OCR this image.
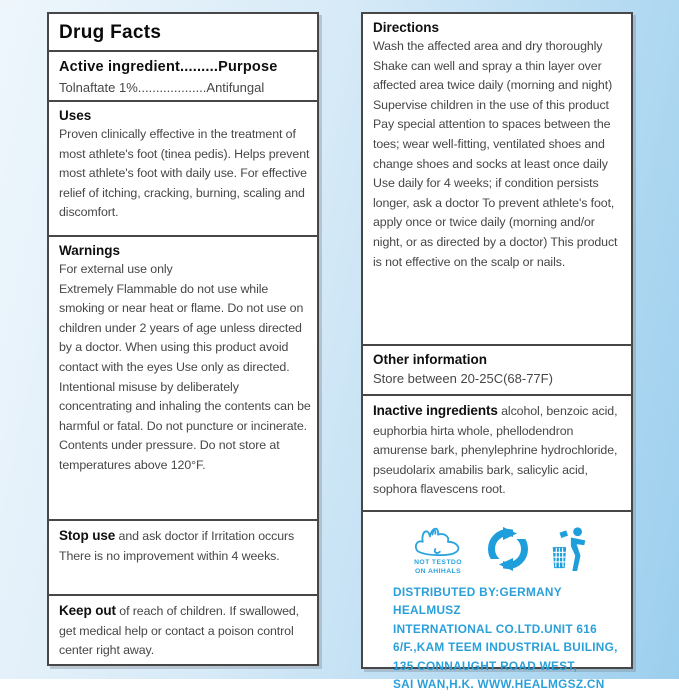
Drug Facts
Active ingredient.........Purpose
Tolnaftate 1%...................Antifungal
Uses
Proven clinically effective in the treatment of most athlete's foot (tinea pedis). Helps prevent most athlete's foot with daily use. For effective relief of itching, cracking, burning, scaling and discomfort.
Warnings
For external use only
Extremely Flammable do not use while smoking or near heat or flame. Do not use on children under 2 years of age unless directed by a doctor. When using this product avoid contact with the eyes Use only as directed. Intentional misuse by deliberately concentrating and inhaling the contents can be harmful or fatal. Do not puncture or incinerate. Contents under pressure. Do not store at temperatures above 120°F.
Stop use and ask doctor if Irritation occurs There is no improvement within 4 weeks.
Keep out of reach of children. If swallowed, get medical help or contact a poison control center right away.
Directions
Wash the affected area and dry thoroughly Shake can well and spray a thin layer over affected area twice daily (morning and night) Supervise children in the use of this product Pay special attention to spaces between the toes; wear well-fitting, ventilated shoes and change shoes and socks at least once daily Use daily for 4 weeks; if condition persists longer, ask a doctor To prevent athlete's foot, apply once or twice daily (morning and/or night, or as directed by a doctor) This product is not effective on the scalp or nails.
Other information
Store between 20-25C(68-77F)
Inactive ingredients alcohol, benzoic acid, euphorbia hirta whole, phellodendron amurense bark, phenylephrine hydrochloride, pseudolarix amabilis bark, salicylic acid, sophora flavescens root.
NOT TESTDO
ON AHIHALS
DISTRIBUTED BY:GERMANY HEALMUSZ
INTERNATIONAL CO.LTD.UNIT 616
6/F.,KAM TEEM INDUSTRIAL BUILING,
135 CONNAUGHT ROAD WEST,
SAI WAN,H.K. WWW.HEALMGSZ.CN
